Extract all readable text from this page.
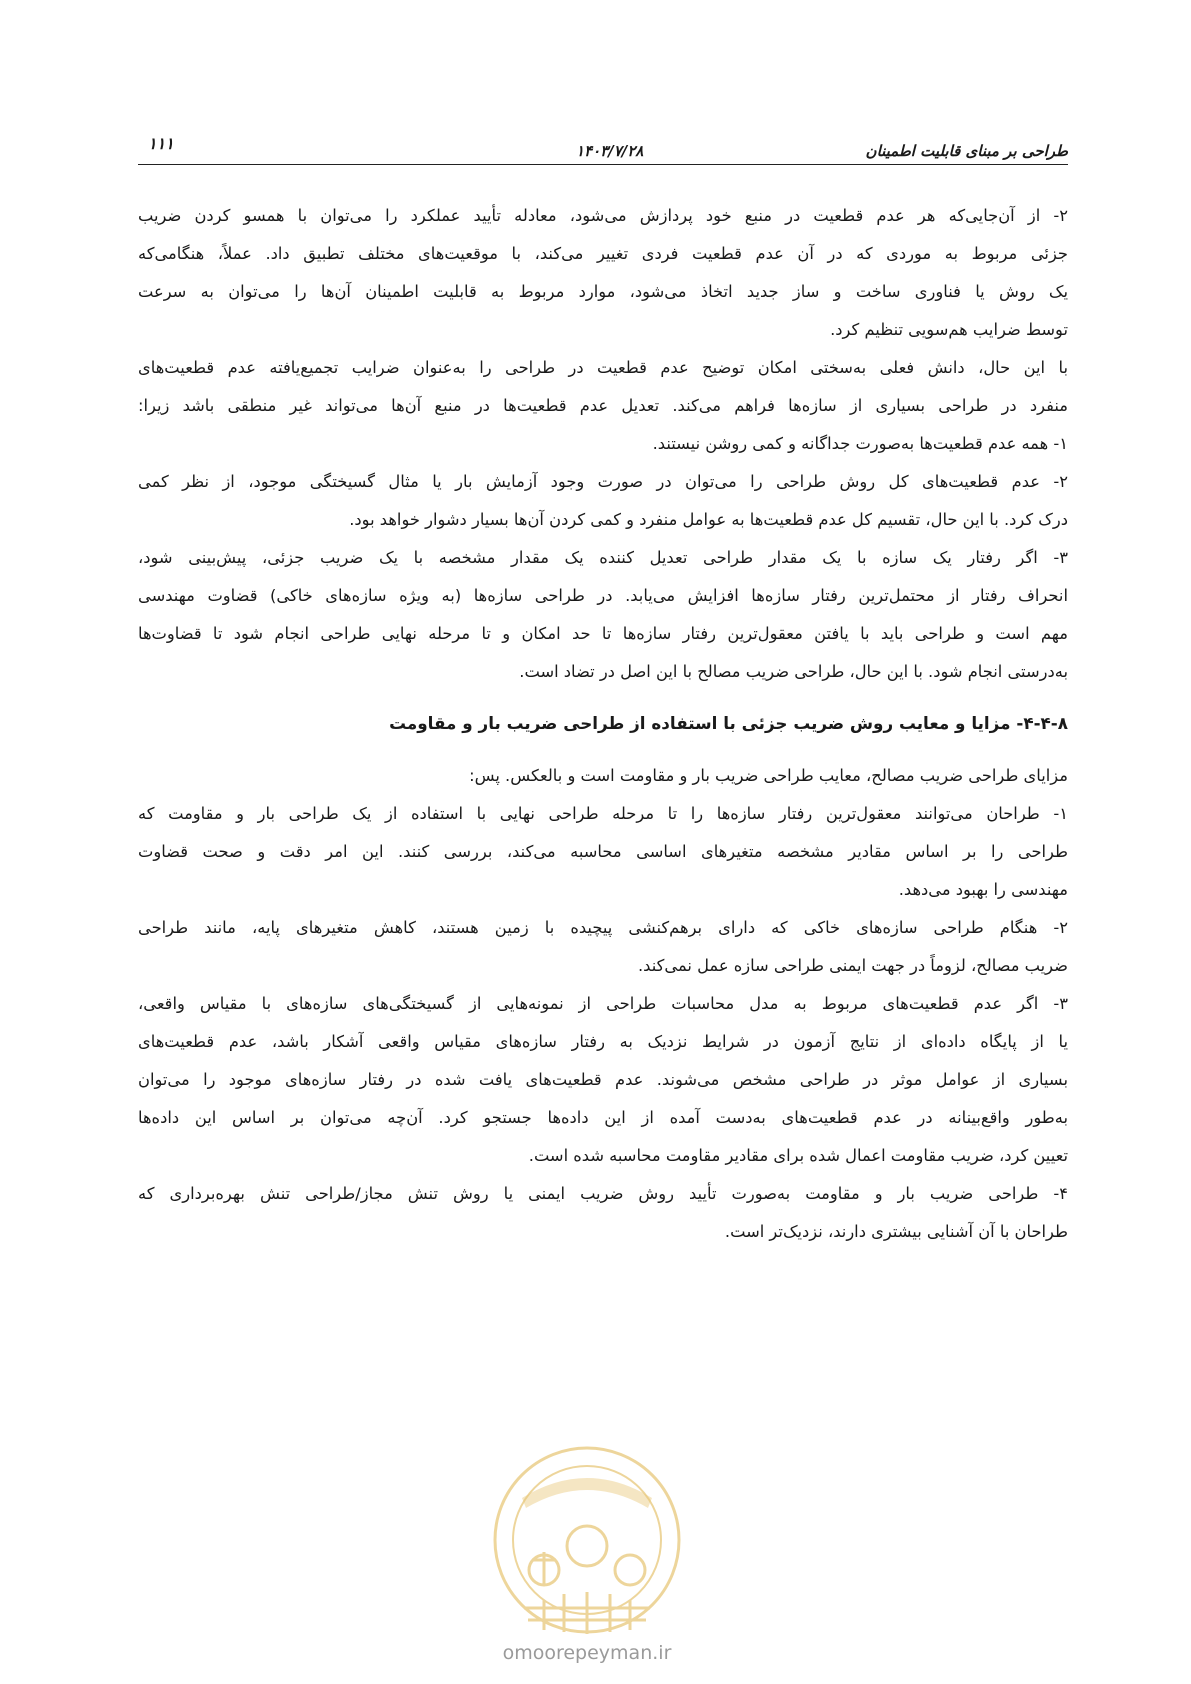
طراحی بر مبنای قابلیت اطمینان
۱۴۰۳/۷/۲۸
۱۱۱
۲- از آن‌جایی‌که هر عدم قطعیت در منبع خود پردازش می‌شود، معادله تأیید عملکرد را می‌توان با همسو کردن ضریب
جزئی مربوط به موردی که در آن عدم قطعیت فردی تغییر می‌کند، با موقعیت‌های مختلف تطبیق داد. عملاً، هنگامی‌که
یک روش یا فناوری ساخت و ساز جدید اتخاذ می‌شود، موارد مربوط به قابلیت اطمینان آن‌ها را می‌توان به سرعت
توسط ضرایب هم‌سویی تنظیم کرد.
با این حال، دانش فعلی به‌سختی امکان توضیح عدم قطعیت در طراحی را به‌عنوان ضرایب تجمیع‌یافته عدم قطعیت‌های
منفرد در طراحی بسیاری از سازه‌ها فراهم می‌کند. تعدیل عدم قطعیت‌ها در منبع آن‌ها می‌تواند غیر منطقی باشد زیرا:
۱- همه عدم قطعیت‌ها به‌صورت جداگانه و کمی روشن نیستند.
۲- عدم قطعیت‌های کل روش طراحی را می‌توان در صورت وجود آزمایش بار یا مثال گسیختگی موجود، از نظر کمی
درک کرد. با این حال، تقسیم کل عدم قطعیت‌ها به عوامل منفرد و کمی کردن آن‌ها بسیار دشوار خواهد بود.
۳- اگر رفتار یک سازه با یک مقدار طراحی تعدیل کننده یک مقدار مشخصه با یک ضریب جزئی، پیش‌بینی شود،
انحراف رفتار از محتمل‌ترین رفتار سازه‌ها افزایش می‌یابد. در طراحی سازه‌ها (به ویژه سازه‌های خاکی) قضاوت مهندسی
مهم است و طراحی باید با یافتن معقول‌ترین رفتار سازه‌ها تا حد امکان و تا مرحله نهایی طراحی انجام شود تا قضاوت‌ها
به‌درستی انجام شود. با این حال، طراحی ضریب مصالح با این اصل در تضاد است.
۴-۴-۸- مزایا و معایب روش ضریب جزئی با استفاده از طراحی ضریب بار و مقاومت
مزایای طراحی ضریب مصالح، معایب طراحی ضریب بار و مقاومت است و بالعکس. پس:
۱- طراحان می‌توانند معقول‌ترین رفتار سازه‌ها را تا مرحله طراحی نهایی با استفاده از یک طراحی بار و مقاومت که
طراحی را بر اساس مقادیر مشخصه متغیرهای اساسی محاسبه می‌کند، بررسی کنند. این امر دقت و صحت قضاوت
مهندسی را بهبود می‌دهد.
۲- هنگام طراحی سازه‌های خاکی که دارای برهم‌کنشی پیچیده با زمین هستند، کاهش متغیرهای پایه، مانند طراحی
ضریب مصالح، لزوماً در جهت ایمنی طراحی سازه عمل نمی‌کند.
۳- اگر عدم قطعیت‌های مربوط به مدل محاسبات طراحی از نمونه‌هایی از گسیختگی‌های سازه‌های با مقیاس واقعی،
یا از پایگاه داده‌ای از نتایج آزمون در شرایط نزدیک به رفتار سازه‌های مقیاس واقعی آشکار باشد، عدم قطعیت‌های
بسیاری از عوامل موثر در طراحی مشخص می‌شوند. عدم قطعیت‌های یافت شده در رفتار سازه‌های موجود را می‌توان
به‌طور واقع‌بینانه در عدم قطعیت‌های به‌دست آمده از این داده‌ها جستجو کرد. آن‌چه می‌توان بر اساس این داده‌ها
تعیین کرد، ضریب مقاومت اعمال شده برای مقادیر مقاومت محاسبه شده است.
۴- طراحی ضریب بار و مقاومت به‌صورت تأیید روش ضریب ایمنی یا روش تنش مجاز/طراحی تنش بهره‌برداری که
طراحان با آن آشنایی بیشتری دارند، نزدیک‌تر است.
omoorepeyman.ir
